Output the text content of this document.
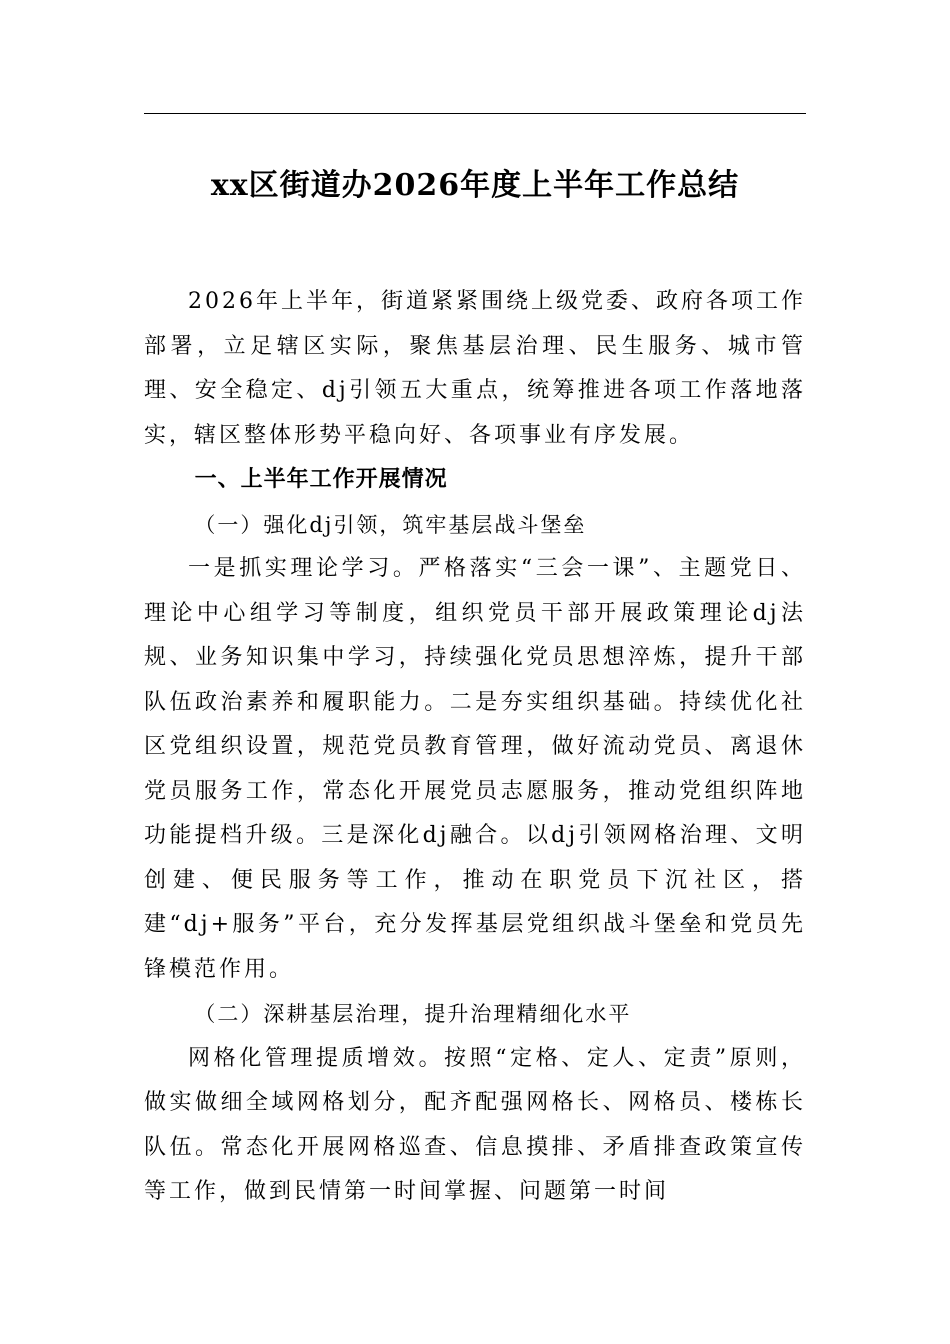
xx区街道办2026年度上半年工作总结

2026年上半年，街道紧紧围绕上级党委、政府各项工作部署，立足辖区实际，聚焦基层治理、民生服务、城市管理、安全稳定、dj引领五大重点，统筹推进各项工作落地落实，辖区整体形势平稳向好、各项事业有序发展。

一、上半年工作开展情况

（一）强化dj引领，筑牢基层战斗堡垒

一是抓实理论学习。严格落实“三会一课”、主题党日、理论中心组学习等制度，组织党员干部开展政策理论dj法规、业务知识集中学习，持续强化党员思想淬炼，提升干部队伍政治素养和履职能力。二是夯实组织基础。持续优化社区党组织设置，规范党员教育管理，做好流动党员、离退休党员服务工作，常态化开展党员志愿服务，推动党组织阵地功能提档升级。三是深化dj融合。以dj引领网格治理、文明创建、便民服务等工作，推动在职党员下沉社区，搭建“dj+服务”平台，充分发挥基层党组织战斗堡垒和党员先锋模范作用。

（二）深耕基层治理，提升治理精细化水平

网格化管理提质增效。按照“定格、定人、定责”原则，做实做细全域网格划分，配齐配强网格长、网格员、楼栋长队伍。常态化开展网格巡查、信息摸排、矛盾排查政策宣传等工作，做到民情第一时间掌握、问题第一时间
